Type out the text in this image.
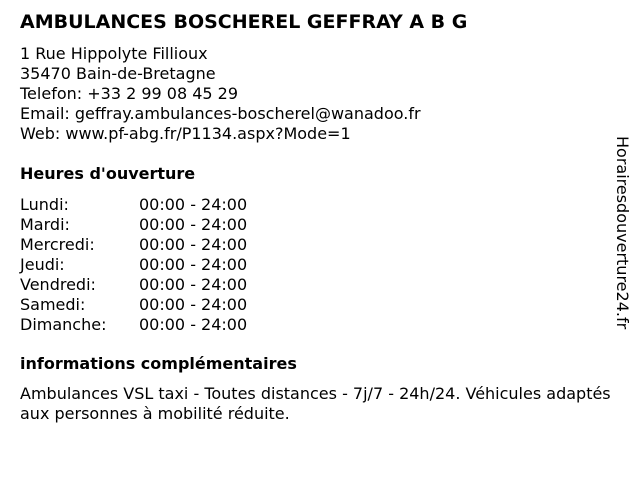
AMBULANCES BOSCHEREL GEFFRAY A B G
1 Rue Hippolyte Fillioux
35470 Bain-de-Bretagne
Telefon: +33 2 99 08 45 29
Email: geffray.ambulances-boscherel@wanadoo.fr
Web: www.pf-abg.fr/P1134.aspx?Mode=1
Heures d'ouverture
Lundi:	00:00 - 24:00
Mardi:	00:00 - 24:00
Mercredi:	00:00 - 24:00
Jeudi:	00:00 - 24:00
Vendredi:	00:00 - 24:00
Samedi:	00:00 - 24:00
Dimanche: 00:00 - 24:00
informations complémentaires
Ambulances VSL taxi - Toutes distances - 7j/7 - 24h/24. Véhicules adaptés aux personnes à mobilité réduite.
Horairesdouverture24.fr
